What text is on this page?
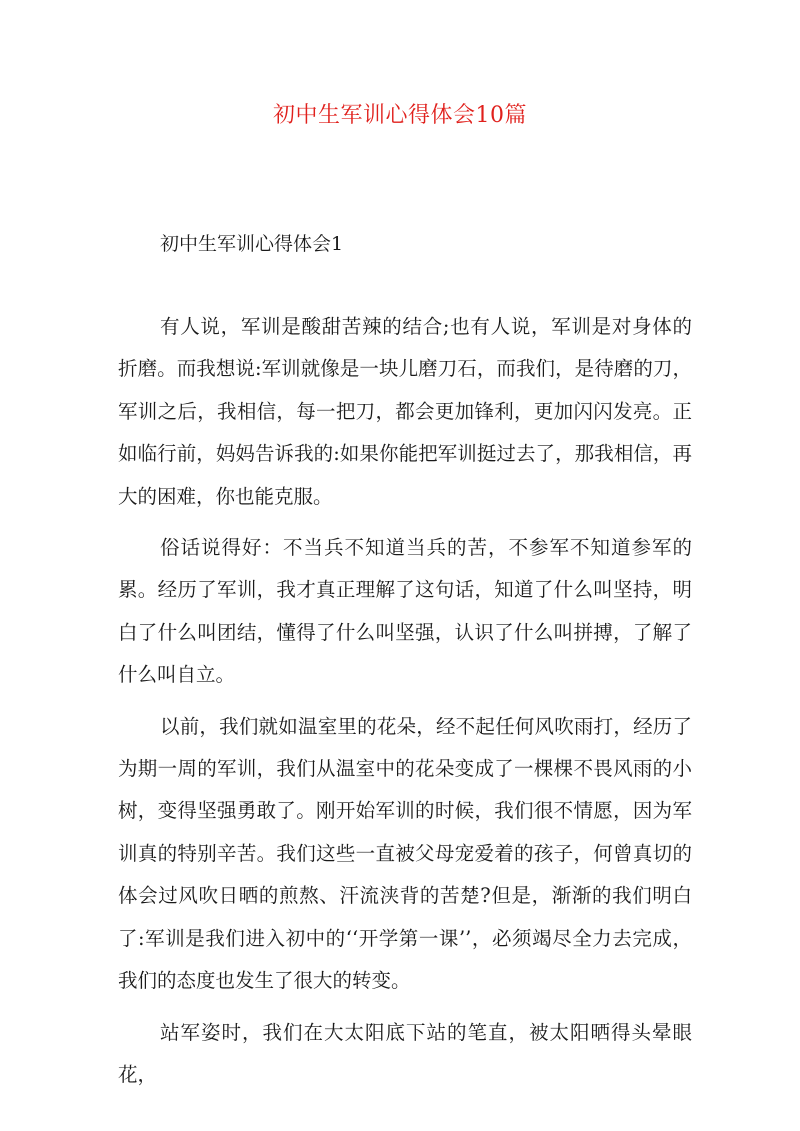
初中生军训心得体会10篇
初中生军训心得体会1

有人说，军训是酸甜苦辣的结合;也有人说，军训是对身体的折磨。而我想说:军训就像是一块儿磨刀石，而我们，是待磨的刀，军训之后，我相信，每一把刀，都会更加锋利，更加闪闪发亮。正如临行前，妈妈告诉我的:如果你能把军训挺过去了，那我相信，再大的困难，你也能克服。

俗话说得好：不当兵不知道当兵的苦，不参军不知道参军的累。经历了军训，我才真正理解了这句话，知道了什么叫坚持，明白了什么叫团结，懂得了什么叫坚强，认识了什么叫拼搏，了解了什么叫自立。

以前，我们就如温室里的花朵，经不起任何风吹雨打，经历了为期一周的军训，我们从温室中的花朵变成了一棵棵不畏风雨的小树，变得坚强勇敢了。刚开始军训的时候，我们很不情愿，因为军训真的特别辛苦。我们这些一直被父母宠爱着的孩子，何曾真切的体会过风吹日晒的煎熬、汗流浃背的苦楚?但是，渐渐的我们明白了:军训是我们进入初中的‘‘开学第一课’’，必须竭尽全力去完成，我们的态度也发生了很大的转变。

站军姿时，我们在大太阳底下站的笔直，被太阳晒得头晕眼花，
